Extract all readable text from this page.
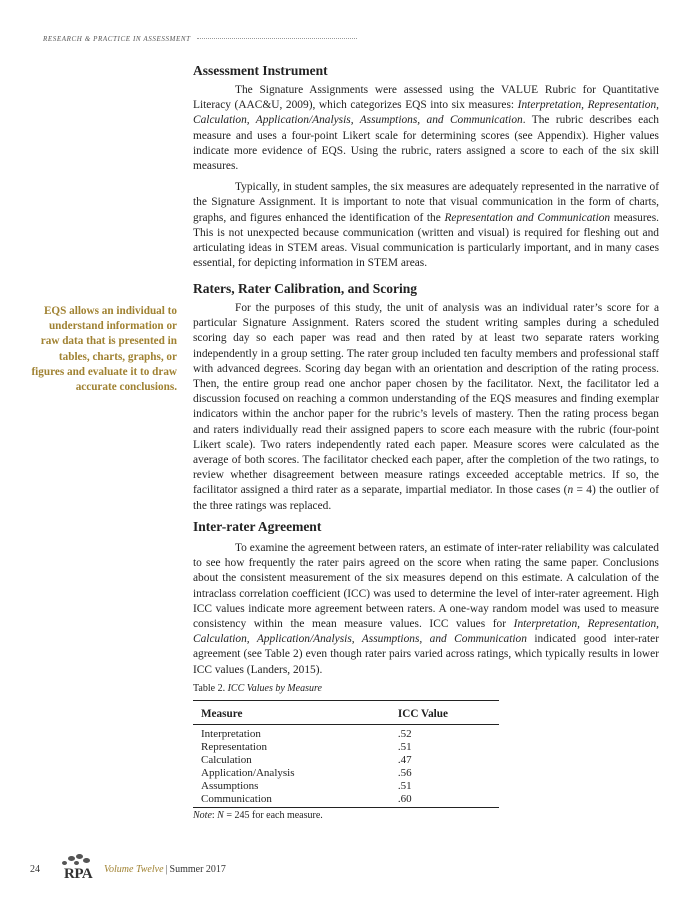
RESEARCH & PRACTICE IN ASSESSMENT
Assessment Instrument

The Signature Assignments were assessed using the VALUE Rubric for Quantitative Literacy (AAC&U, 2009), which categorizes EQS into six measures: Interpretation, Representation, Calculation, Application/Analysis, Assumptions, and Communication. The rubric describes each measure and uses a four-point Likert scale for determining scores (see Appendix). Higher values indicate more evidence of EQS. Using the rubric, raters assigned a score to each of the six skill measures.

Typically, in student samples, the six measures are adequately represented in the narrative of the Signature Assignment. It is important to note that visual communication in the form of charts, graphs, and figures enhanced the identification of the Representation and Communication measures. This is not unexpected because communication (written and visual) is required for fleshing out and articulating ideas in STEM areas. Visual communication is particularly important, and in many cases essential, for depicting information in STEM areas.

Raters, Rater Calibration, and Scoring

For the purposes of this study, the unit of analysis was an individual rater’s score for a particular Signature Assignment. Raters scored the student writing samples during a scheduled scoring day so each paper was read and then rated by at least two separate raters working independently in a group setting. The rater group included ten faculty members and professional staff with advanced degrees. Scoring day began with an orientation and description of the rating process. Then, the entire group read one anchor paper chosen by the facilitator. Next, the facilitator led a discussion focused on reaching a common understanding of the EQS measures and finding exemplar indicators within the anchor paper for the rubric’s levels of mastery. Then the rating process began and raters individually read their assigned papers to score each measure with the rubric (four-point Likert scale). Two raters independently rated each paper. Measure scores were calculated as the average of both scores. The facilitator checked each paper, after the completion of the two ratings, to review whether disagreement between measure ratings exceeded acceptable metrics. If so, the facilitator assigned a third rater as a separate, impartial mediator. In those cases (n = 4) the outlier of the three ratings was replaced.

EQS allows an individual to understand information or raw data that is presented in tables, charts, graphs, or figures and evaluate it to draw accurate conclusions.
Inter-rater Agreement

To examine the agreement between raters, an estimate of inter-rater reliability was calculated to see how frequently the rater pairs agreed on the score when rating the same paper. Conclusions about the consistent measurement of the six measures depend on this estimate. A calculation of the intraclass correlation coefficient (ICC) was used to determine the level of inter-rater agreement. High ICC values indicate more agreement between raters. A one-way random model was used to measure consistency within the mean measure values. ICC values for Interpretation, Representation, Calculation, Application/Analysis, Assumptions, and Communication indicated good inter-rater agreement (see Table 2) even though rater pairs varied across ratings, which typically results in lower ICC values (Landers, 2015).

Table 2. ICC Values by Measure
Measure	ICC Value
Interpretation	.52
Representation	.51
Calculation	.47
Application/Analysis	.56
Assumptions	.51
Communication	.60
Note: N = 245 for each measure.
24	RPA Volume Twelve | Summer 2017
